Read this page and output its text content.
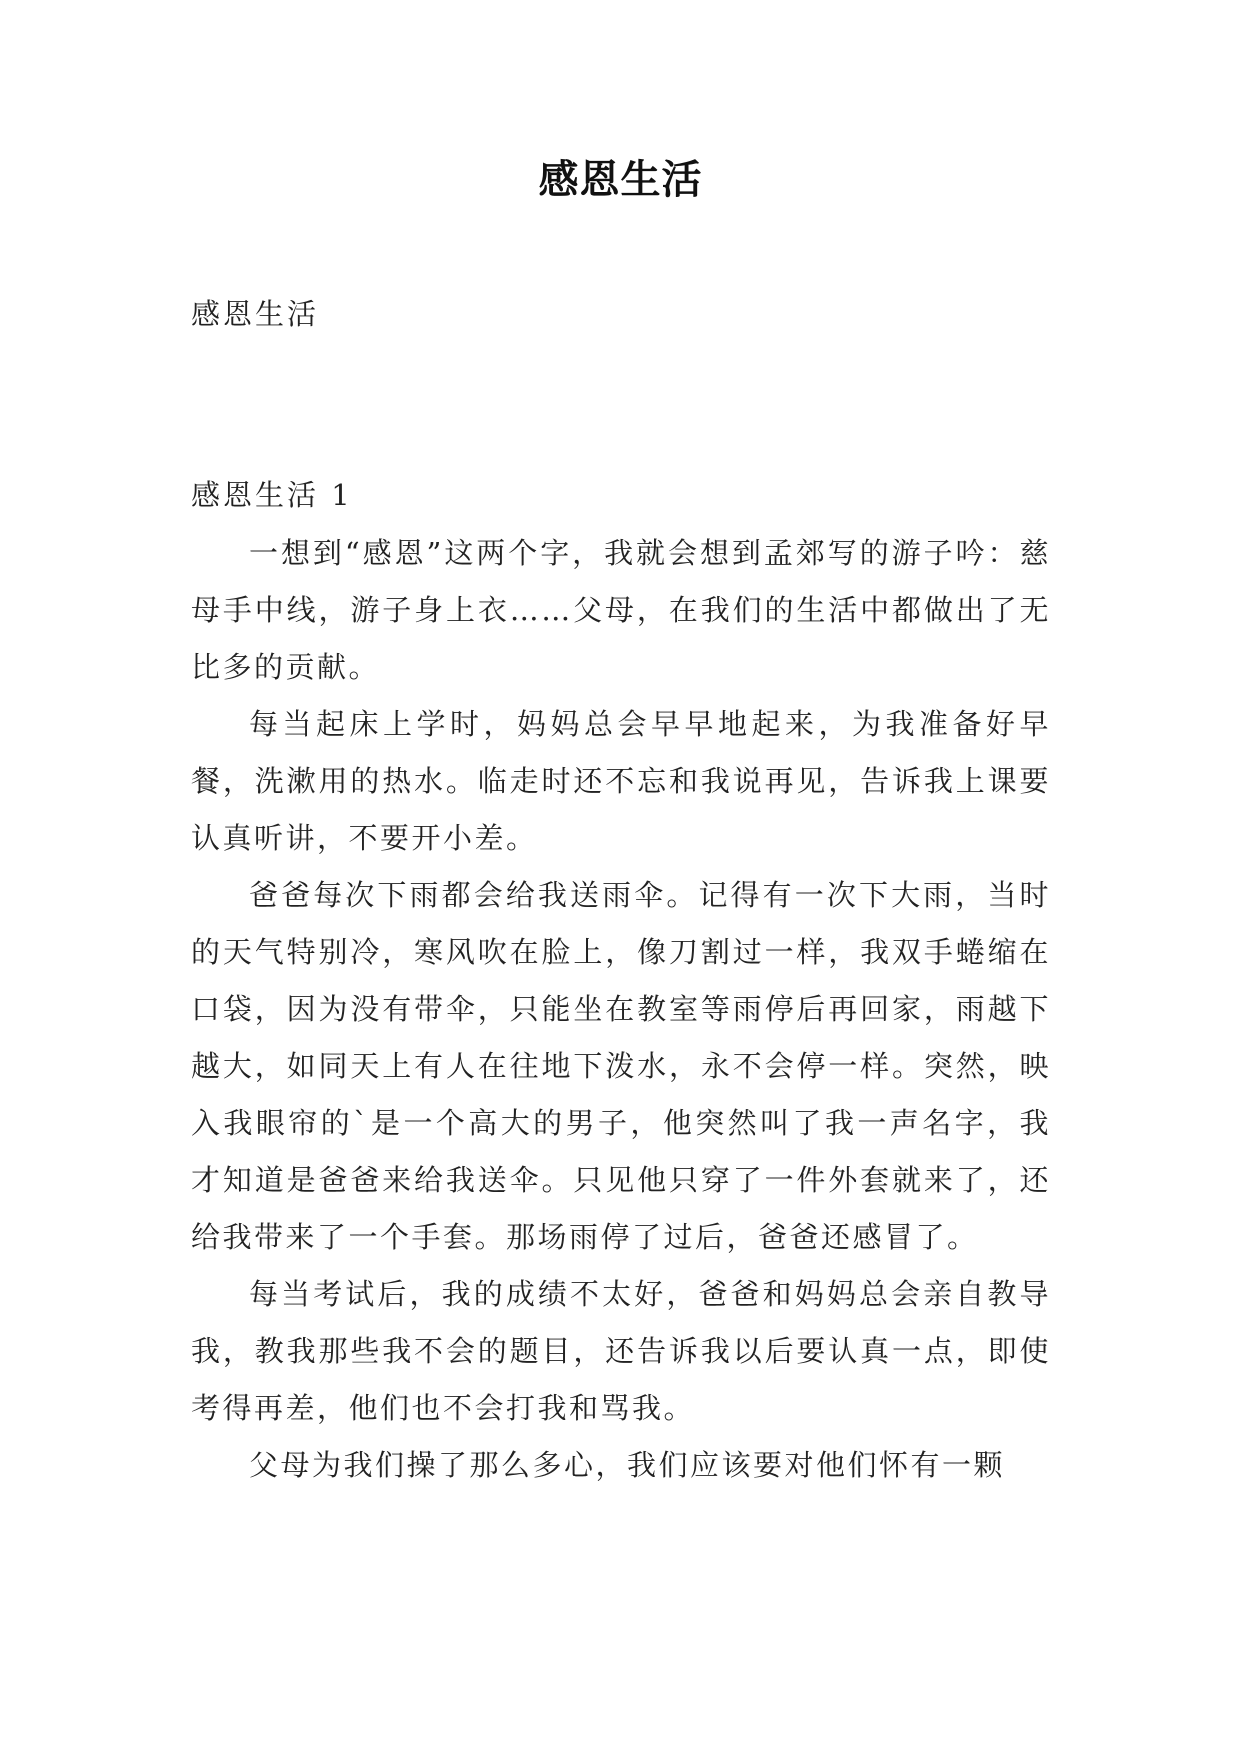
感恩生活
感恩生活
感恩生活 1

一想到“感恩”这两个字，我就会想到孟郊写的游子吟：慈母手中线，游子身上衣……父母，在我们的生活中都做出了无比多的贡献。

每当起床上学时，妈妈总会早早地起来，为我准备好早餐，洗漱用的热水。临走时还不忘和我说再见，告诉我上课要认真听讲，不要开小差。

爸爸每次下雨都会给我送雨伞。记得有一次下大雨，当时的天气特别冷，寒风吹在脸上，像刀割过一样，我双手蜷缩在口袋，因为没有带伞，只能坐在教室等雨停后再回家，雨越下越大，如同天上有人在往地下泼水，永不会停一样。突然，映入我眼帘的`是一个高大的男子，他突然叫了我一声名字，我才知道是爸爸来给我送伞。只见他只穿了一件外套就来了，还给我带来了一个手套。那场雨停了过后，爸爸还感冒了。

每当考试后，我的成绩不太好，爸爸和妈妈总会亲自教导我，教我那些我不会的题目，还告诉我以后要认真一点，即使考得再差，他们也不会打我和骂我。

父母为我们操了那么多心，我们应该要对他们怀有一颗
